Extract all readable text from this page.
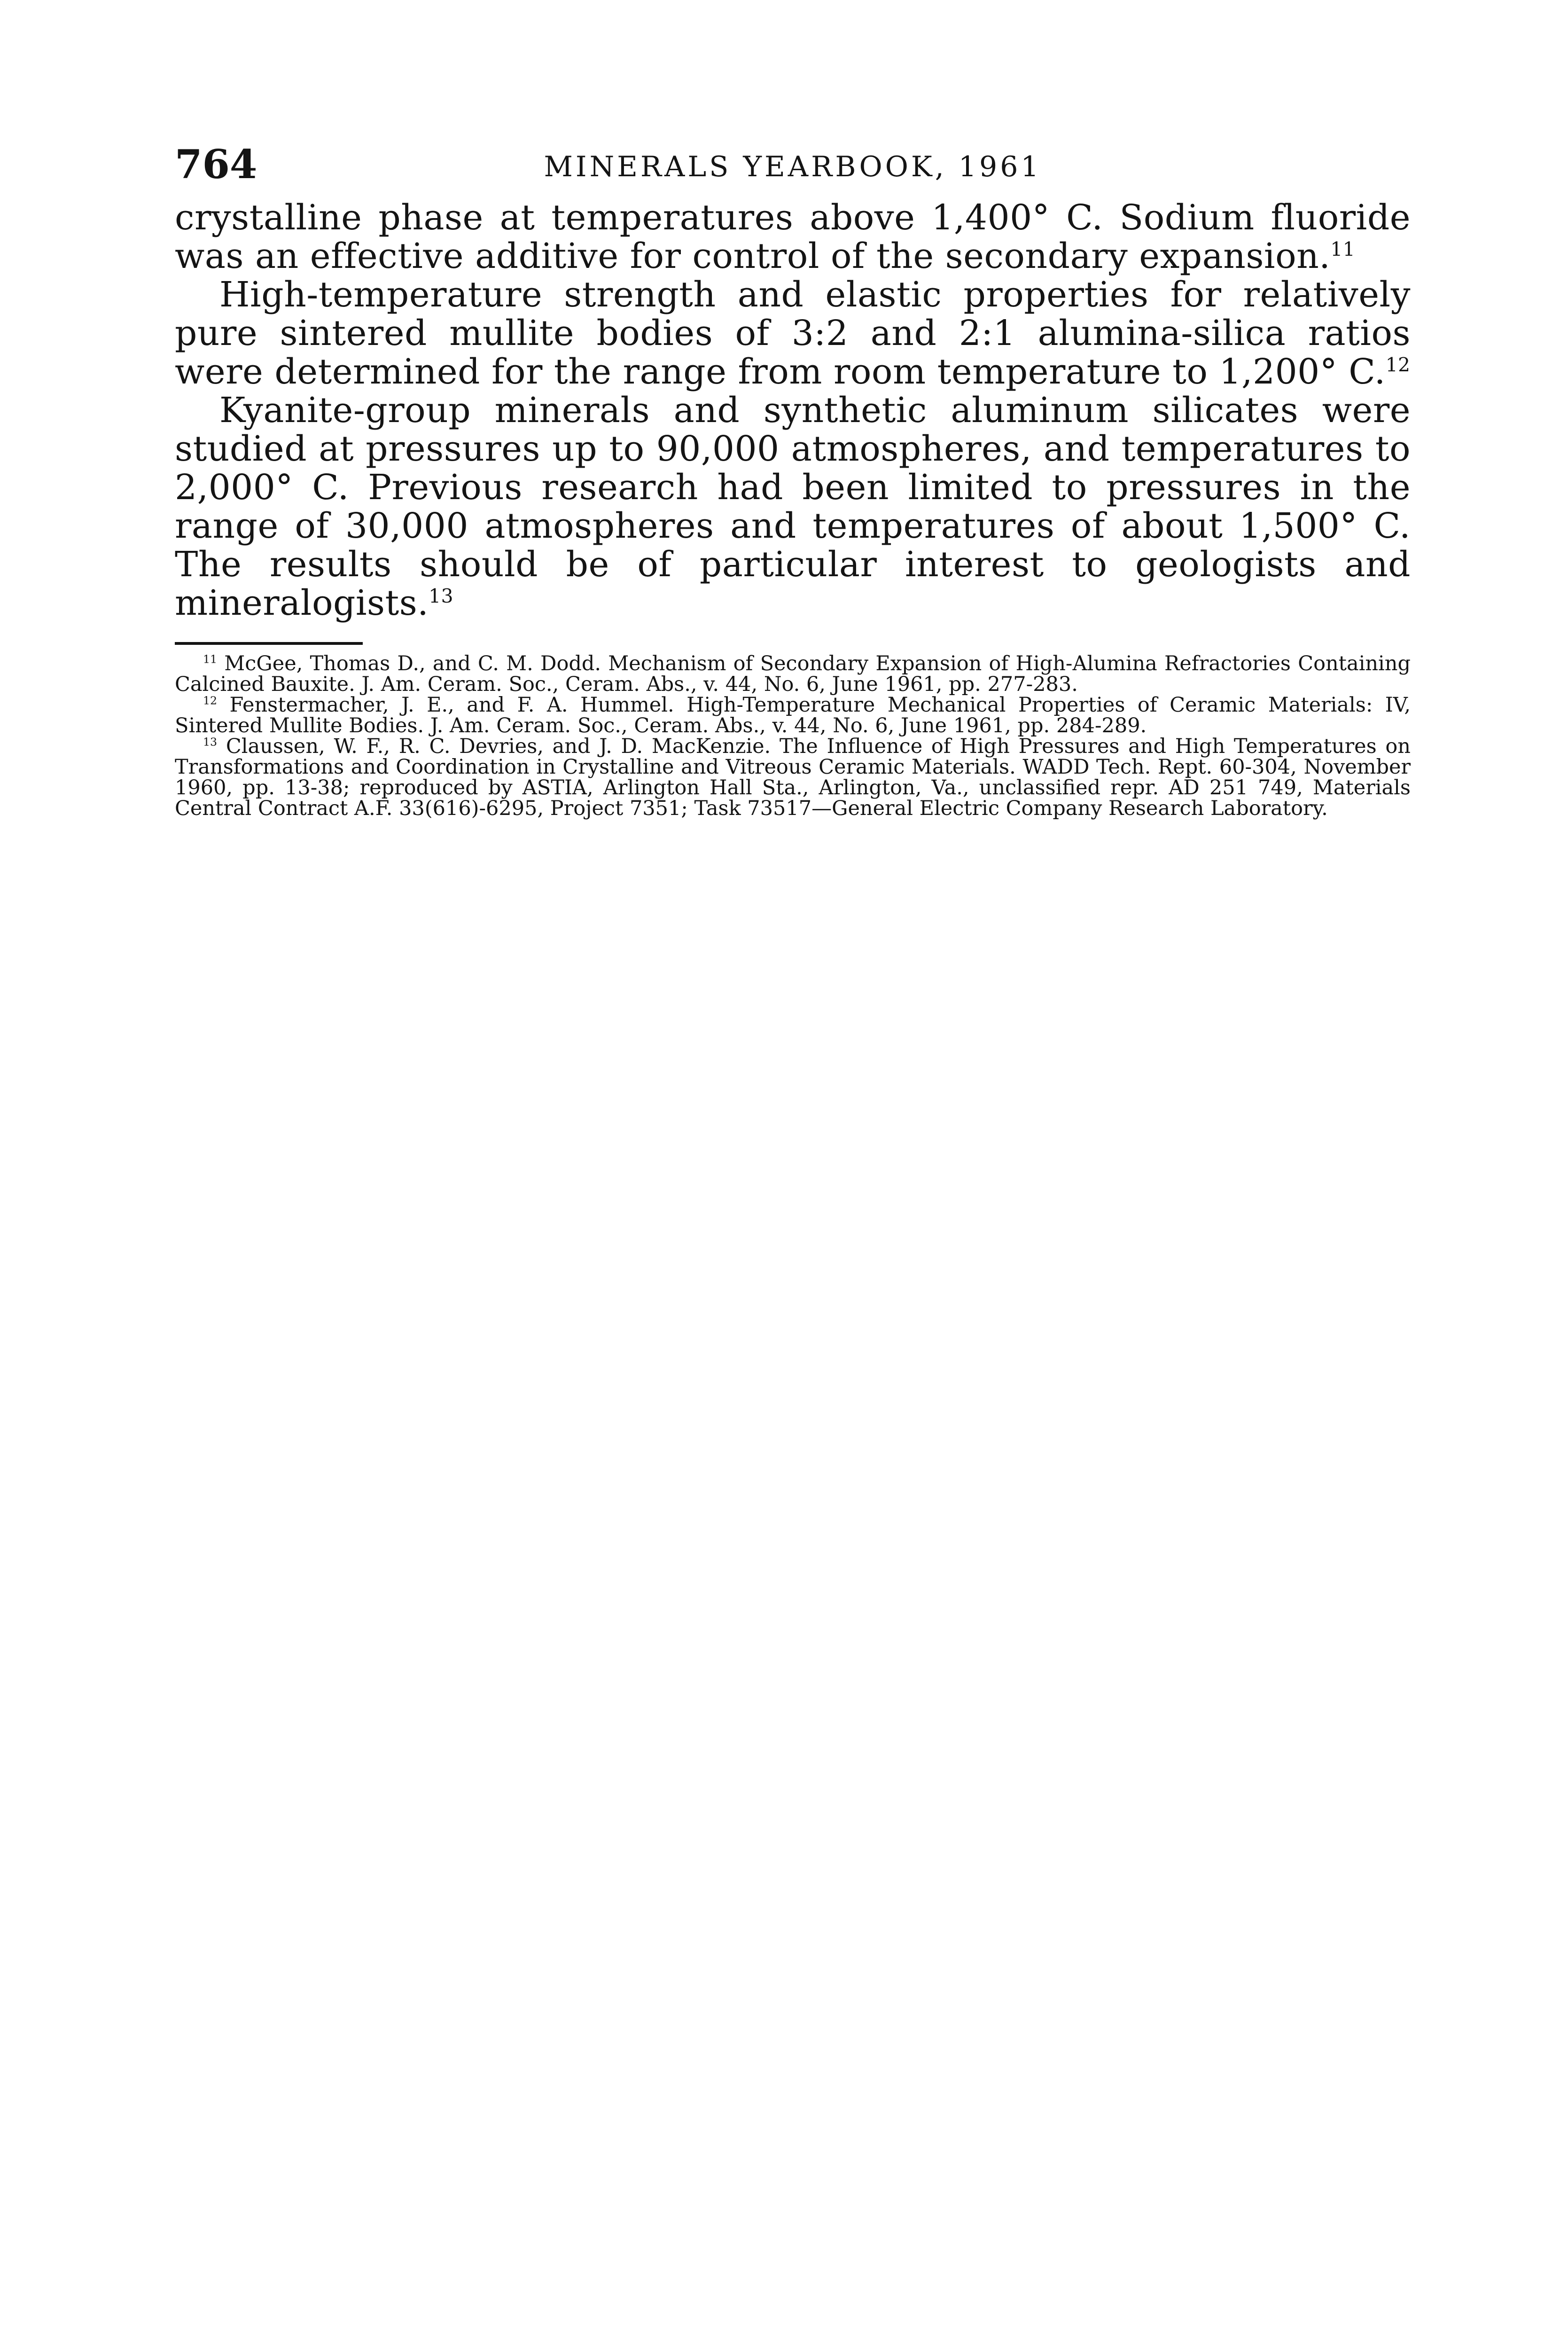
764	MINERALS YEARBOOK, 1961

crystalline phase at temperatures above 1,400° C. Sodium fluoride was an effective additive for control of the secondary expansion.$^{11}$

High-temperature strength and elastic properties for relatively pure sintered mullite bodies of 3:2 and 2:1 alumina-silica ratios were determined for the range from room temperature to 1,200° C.$^{12}$

Kyanite-group minerals and synthetic aluminum silicates were studied at pressures up to 90,000 atmospheres, and temperatures to 2,000° C. Previous research had been limited to pressures in the range of 30,000 atmospheres and temperatures of about 1,500° C. The results should be of particular interest to geologists and mineralogists.$^{13}$

$^{11}$ McGee, Thomas D., and C. M. Dodd. Mechanism of Secondary Expansion of High-Alumina Refractories Containing Calcined Bauxite. J. Am. Ceram. Soc., Ceram. Abs., v. 44, No. 6, June 1961, pp. 277-283.

$^{12}$ Fenstermacher, J. E., and F. A. Hummel. High-Temperature Mechanical Properties of Ceramic Materials: IV, Sintered Mullite Bodies. J. Am. Ceram. Soc., Ceram. Abs., v. 44, No. 6, June 1961, pp. 284-289.

$^{13}$ Claussen, W. F., R. C. Devries, and J. D. MacKenzie. The Influence of High Pressures and High Temperatures on Transformations and Coordination in Crystalline and Vitreous Ceramic Materials. WADD Tech. Rept. 60-304, November 1960, pp. 13-38; reproduced by ASTIA, Arlington Hall Sta., Arlington, Va., unclassified repr. AD 251 749, Materials Central Contract A.F. 33(616)-6295, Project 7351; Task 73517—General Electric Company Research Laboratory.
